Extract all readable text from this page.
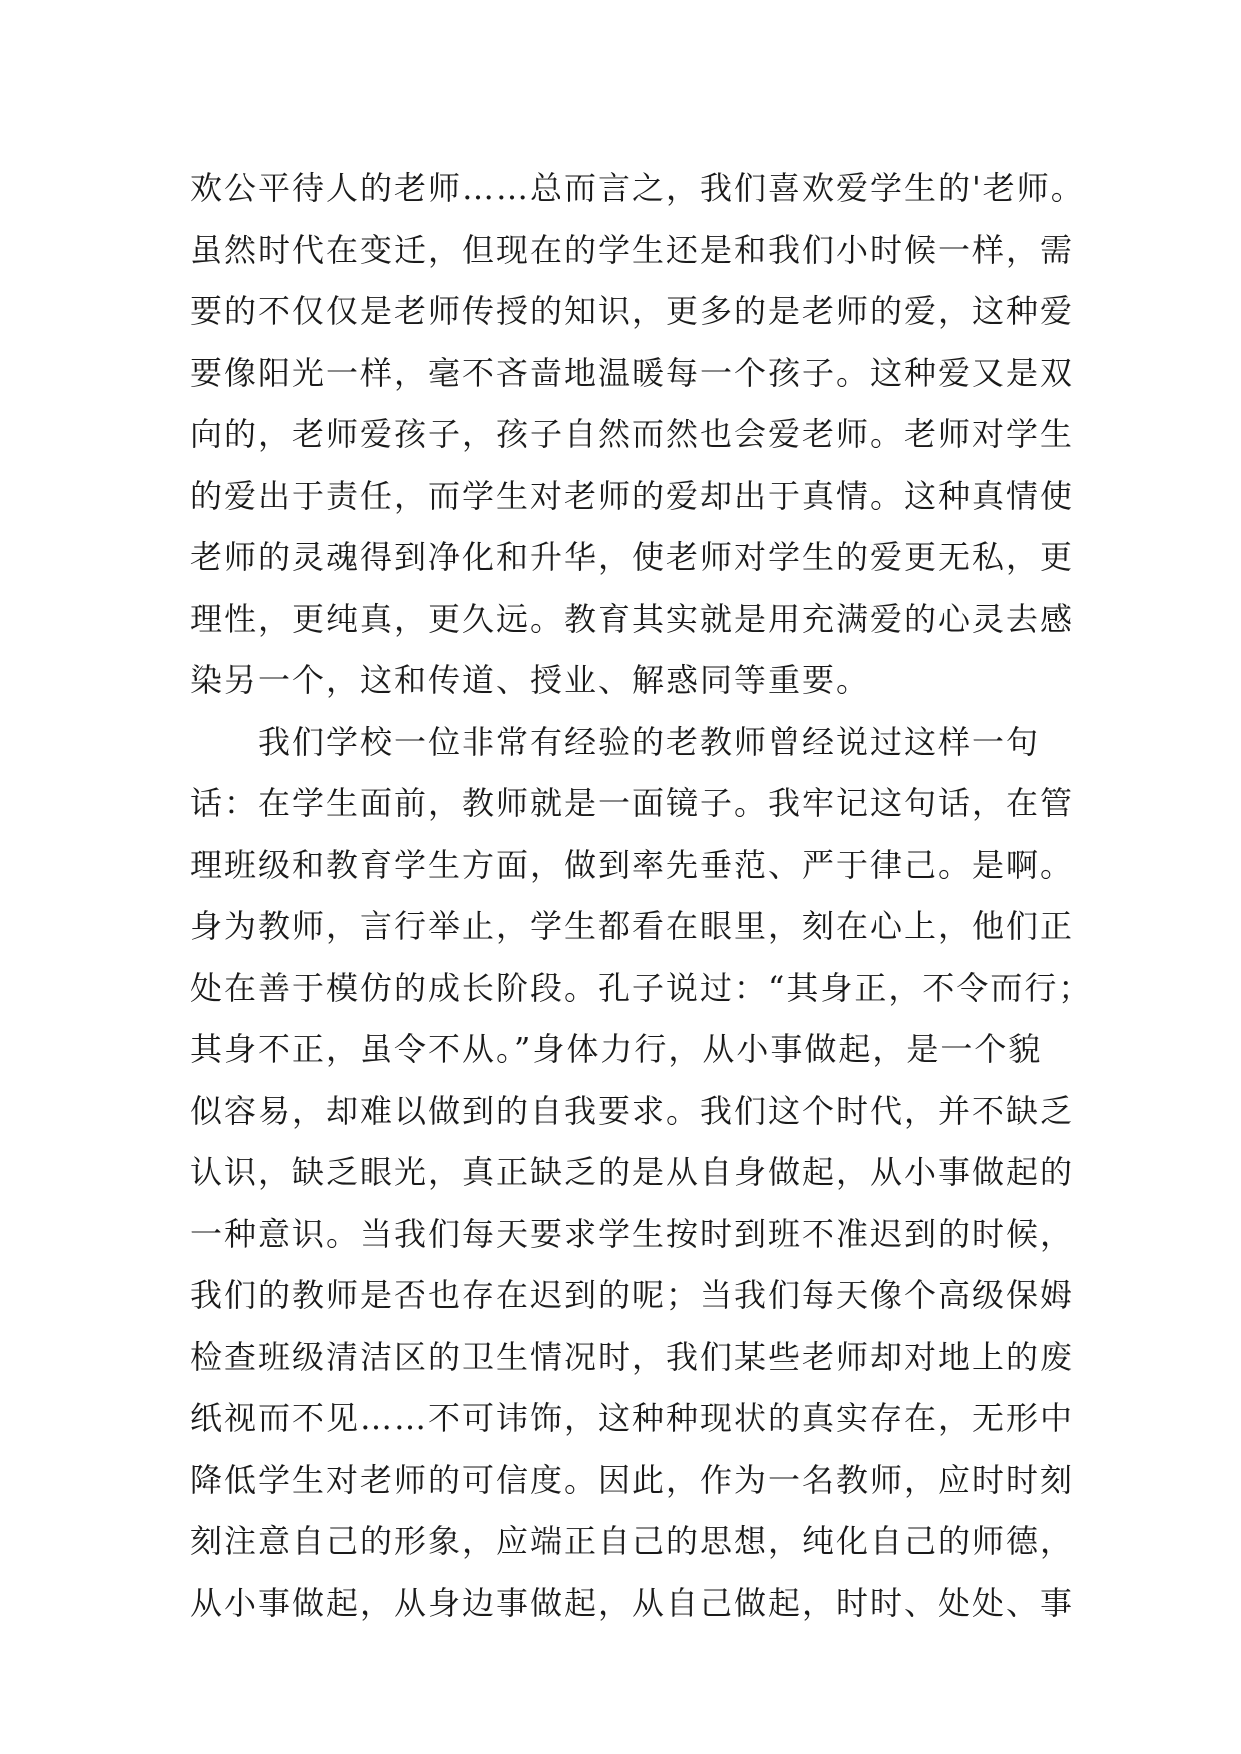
欢公平待人的老师……总而言之，我们喜欢爱学生的'老师。
虽然时代在变迁，但现在的学生还是和我们小时候一样，需
要的不仅仅是老师传授的知识，更多的是老师的爱，这种爱
要像阳光一样，毫不吝啬地温暖每一个孩子。这种爱又是双
向的，老师爱孩子，孩子自然而然也会爱老师。老师对学生
的爱出于责任，而学生对老师的爱却出于真情。这种真情使
老师的灵魂得到净化和升华，使老师对学生的爱更无私，更
理性，更纯真，更久远。教育其实就是用充满爱的心灵去感
染另一个，这和传道、授业、解惑同等重要。
　　我们学校一位非常有经验的老教师曾经说过这样一句
话：在学生面前，教师就是一面镜子。我牢记这句话，在管
理班级和教育学生方面，做到率先垂范、严于律己。是啊。
身为教师，言行举止，学生都看在眼里，刻在心上，他们正
处在善于模仿的成长阶段。孔子说过：“其身正，不令而行；
其身不正，虽令不从。”身体力行，从小事做起，是一个貌
似容易，却难以做到的自我要求。我们这个时代，并不缺乏
认识，缺乏眼光，真正缺乏的是从自身做起，从小事做起的
一种意识。当我们每天要求学生按时到班不准迟到的时候，
我们的教师是否也存在迟到的呢；当我们每天像个高级保姆
检查班级清洁区的卫生情况时，我们某些老师却对地上的废
纸视而不见……不可讳饰，这种种现状的真实存在，无形中
降低学生对老师的可信度。因此，作为一名教师，应时时刻
刻注意自己的形象，应端正自己的思想，纯化自己的师德，
从小事做起，从身边事做起，从自己做起，时时、处处、事
